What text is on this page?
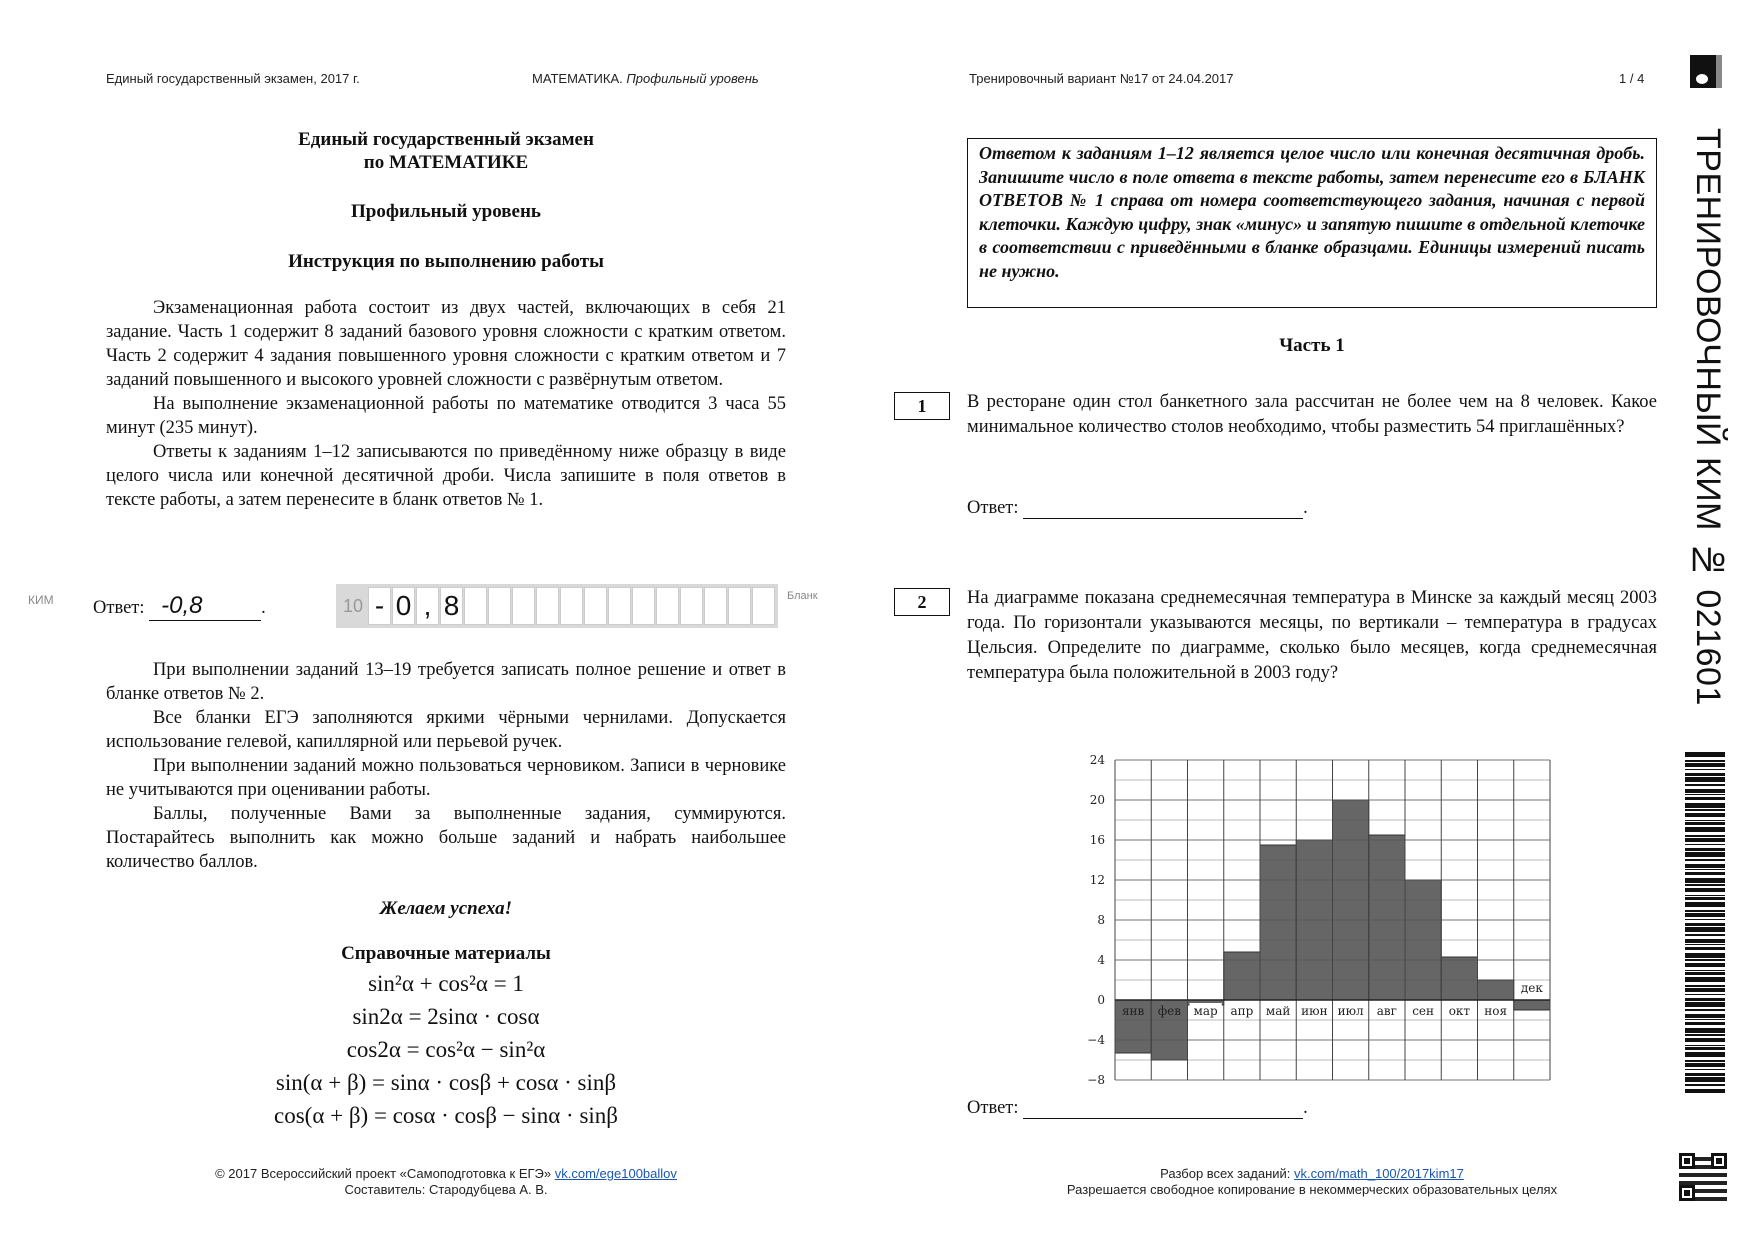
Единый государственный экзамен, 2017 г.	МАТЕМАТИКА. Профильный уровень	Тренировочный вариант №17 от 24.04.2017	1 / 4
Единый государственный экзамен
по МАТЕМАТИКЕ
Профильный уровень
Инструкция по выполнению работы

Экзаменационная работа состоит из двух частей, включающих в себя 21 задание. Часть 1 содержит 8 заданий базового уровня сложности с кратким ответом. Часть 2 содержит 4 задания повышенного уровня сложности с кратким ответом и 7 заданий повышенного и высокого уровней сложности с развёрнутым ответом.

На выполнение экзаменационной работы по математике отводится 3 часа 55 минут (235 минут).

Ответы к заданиям 1–12 записываются по приведённому ниже образцу в виде целого числа или конечной десятичной дроби. Числа запишите в поля ответов в тексте работы, а затем перенесите в бланк ответов № 1.

КИМ Ответ: -0,8	.	10 - 0 , 8	Бланк

При выполнении заданий 13–19 требуется записать полное решение и ответ в бланке ответов № 2.

Все бланки ЕГЭ заполняются яркими чёрными чернилами. Допускается использование гелевой, капиллярной или перьевой ручек.

При выполнении заданий можно пользоваться черновиком. Записи в черновике не учитываются при оценивании работы.

Баллы, полученные Вами за выполненные задания, суммируются. Постарайтесь выполнить как можно больше заданий и набрать наибольшее количество баллов.

Желаем успеха!
Справочные материалы
sin²α + cos²α = 1
sin2α = 2sinα · cosα
cos2α = cos²α − sin²α
sin(α + β) = sinα · cosβ + cosα · sinβ
cos(α + β) = cosα · cosβ − sinα · sinβ
Ответом к заданиям 1–12 является целое число или конечная десятичная дробь. Запишите число в поле ответа в тексте работы, затем перенесите его в БЛАНК ОТВЕТОВ № 1 справа от номера соответствующего задания, начиная с первой клеточки. Каждую цифру, знак «минус» и запятую пишите в отдельной клеточке в соответствии с приведёнными в бланке образцами. Единицы измерений писать не нужно.
Часть 1
1	В ресторане один стол банкетного зала рассчитан не более чем на 8 человек. Какое минимальное количество столов необходимо, чтобы разместить 54 приглашённых?
Ответ:	.
2	На диаграмме показана среднемесячная температура в Минске за каждый месяц 2003 года. По горизонтали указываются месяцы, по вертикали – температура в градусах Цельсия. Определите по диаграмме, сколько было месяцев, когда среднемесячная температура была положительной в 2003 году?
24
20
16
12
8
4
0
−4
−8
янв фев мар апр май июн июл авг сен окт ноя
дек
Ответ:	.
© 2017 Всероссийский проект «Самоподготовка к ЕГЭ» vk.com/ege100ballov
Составитель: Стародубцева А. В.
Разбор всех заданий: vk.com/math_100/2017kim17
Разрешается свободное копирование в некоммерческих образовательных целях
ТРЕНИРОВОЧНЫЙ КИМ № 021601
